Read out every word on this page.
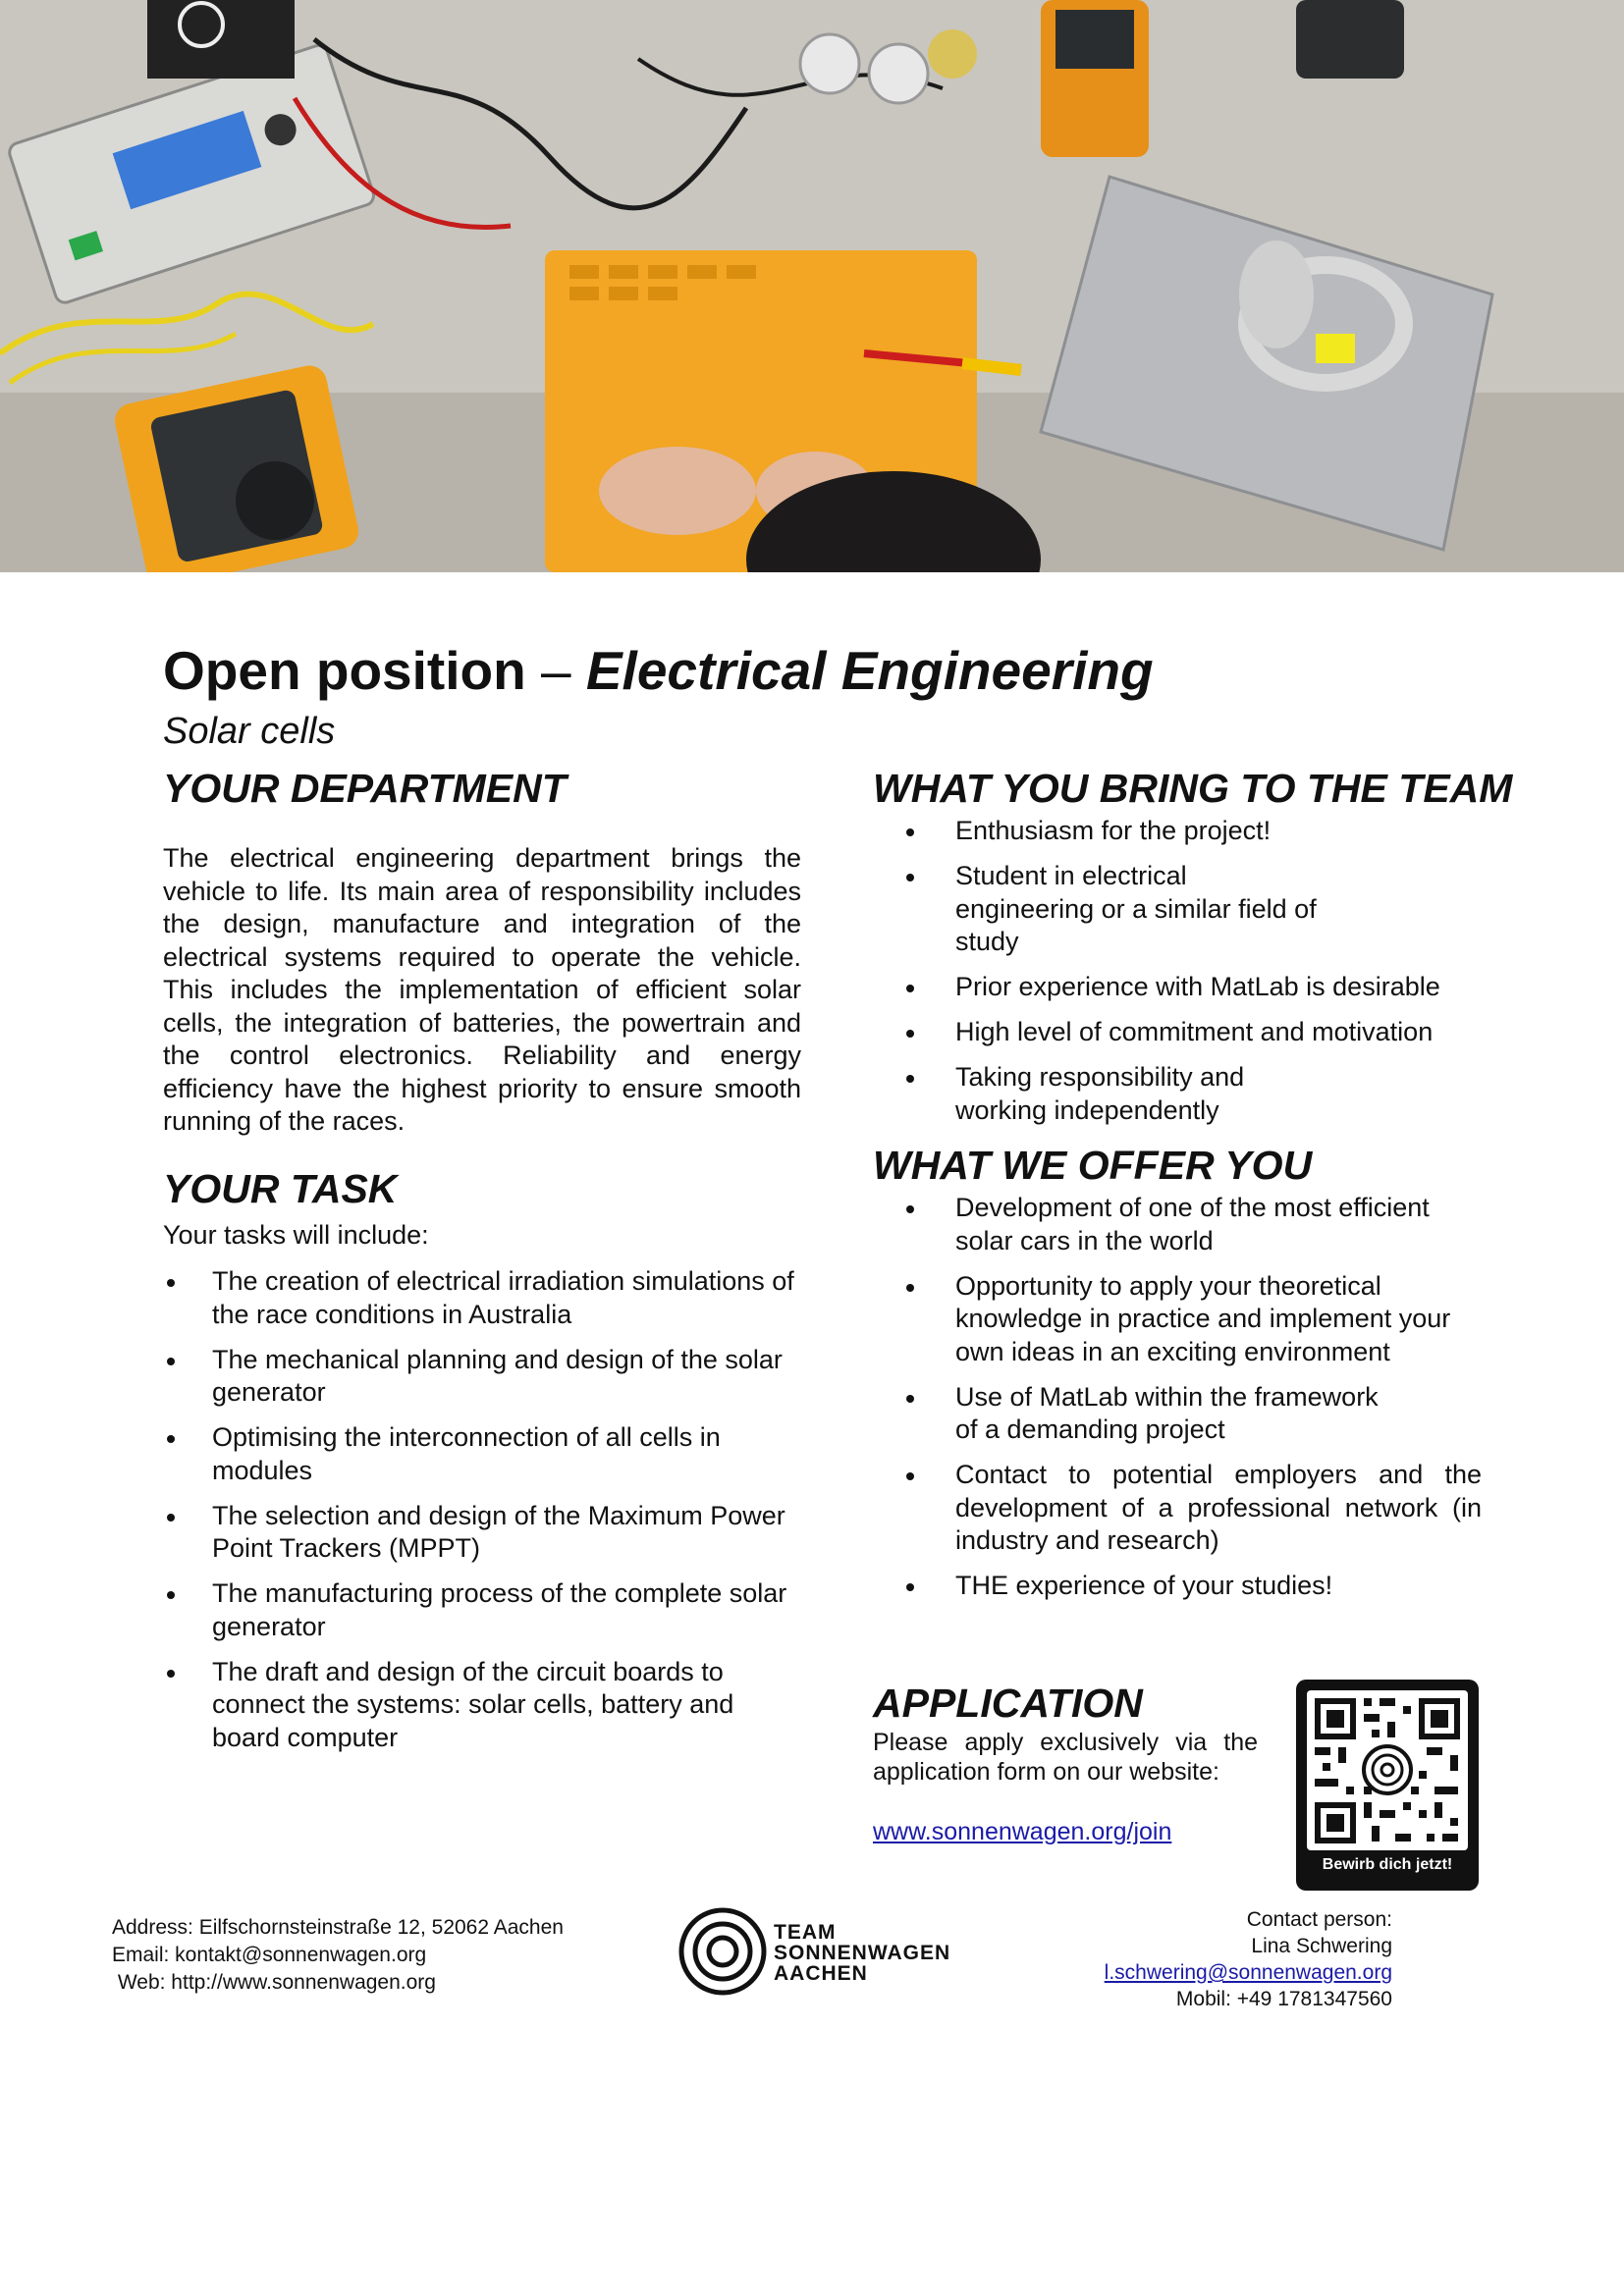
Open position – Electrical Engineering
Solar cells
YOUR DEPARTMENT

The electrical engineering department brings the vehicle to life. Its main area of responsibility includes the design, manufacture and integration of the electrical systems required to operate the vehicle. This includes the implementation of efficient solar cells, the integration of batteries, the powertrain and the control electronics. Reliability and energy efficiency have the highest priority to ensure smooth running of the races.

YOUR TASK

Your tasks will include:

The creation of electrical irradiation simulations of the race conditions in Australia
The mechanical planning and design of the solar generator
Optimising the interconnection of all cells in modules
The selection and design of the Maximum Power Point Trackers (MPPT)
The manufacturing process of the complete solar generator
The draft and design of the circuit boards to connect the systems: solar cells, battery and board computer
WHAT YOU BRING TO THE TEAM
Enthusiasm for the project!
Student in electrical engineering or a similar field of study
Prior experience with MatLab is desirable
High level of commitment and motivation
Taking responsibility and working independently
WHAT WE OFFER YOU
Development of one of the most efficient solar cars in the world
Opportunity to apply your theoretical knowledge in practice and implement your own ideas in an exciting environment
Use of MatLab within the framework of a demanding project
Contact to potential employers and the development of a professional network (in industry and research)
THE experience of your studies!
APPLICATION

Please apply exclusively via the application form on our website:

www.sonnenwagen.org/join
Bewirb dich jetzt!
Address: Eilfschornsteinstraße 12, 52062 Aachen
Email: kontakt@sonnenwagen.org
Web: http://www.sonnenwagen.org
TEAM
SONNENWAGEN
AACHEN
Contact person:
Lina Schwering
l.schwering@sonnenwagen.org
Mobil: +49 1781347560
